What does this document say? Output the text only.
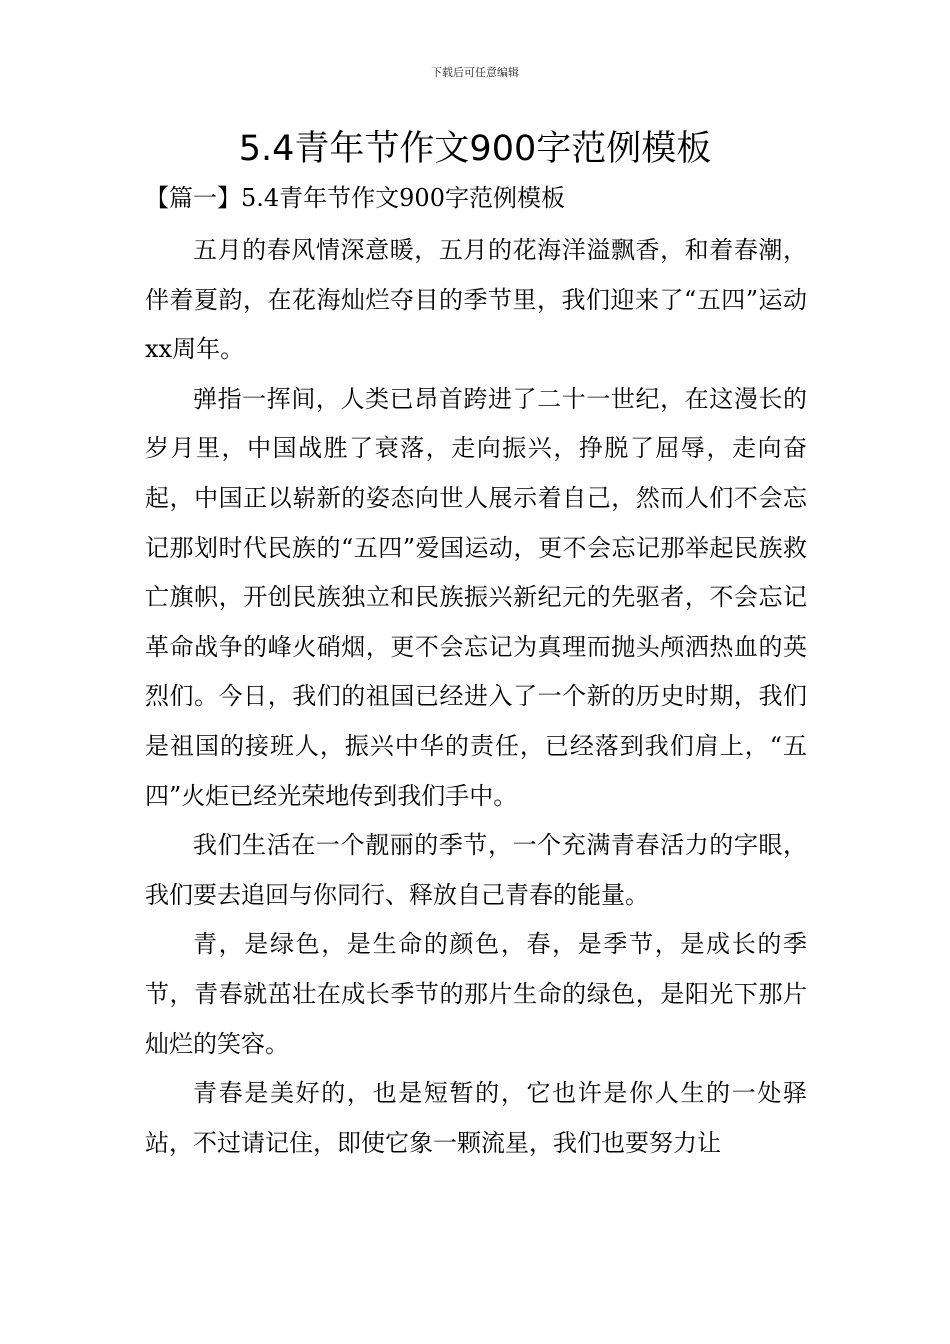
下载后可任意编辑
5.4青年节作文900字范例模板
【篇一】5.4青年节作文900字范例模板

五月的春风情深意暖，五月的花海洋溢飘香，和着春潮，伴着夏韵，在花海灿烂夺目的季节里，我们迎来了“五四”运动xx周年。

弹指一挥间，人类已昂首跨进了二十一世纪，在这漫长的岁月里，中国战胜了衰落，走向振兴，挣脱了屈辱，走向奋起，中国正以崭新的姿态向世人展示着自己，然而人们不会忘记那划时代民族的“五四”爱国运动，更不会忘记那举起民族救亡旗帜，开创民族独立和民族振兴新纪元的先驱者，不会忘记革命战争的峰火硝烟，更不会忘记为真理而抛头颅洒热血的英烈们。今日，我们的祖国已经进入了一个新的历史时期，我们是祖国的接班人，振兴中华的责任，已经落到我们肩上，“五四”火炬已经光荣地传到我们手中。

我们生活在一个靓丽的季节，一个充满青春活力的字眼，我们要去追回与你同行、释放自己青春的能量。

青，是绿色，是生命的颜色，春，是季节，是成长的季节，青春就茁壮在成长季节的那片生命的绿色，是阳光下那片灿烂的笑容。

青春是美好的，也是短暂的，它也许是你人生的一处驿站，不过请记住，即使它象一颗流星，我们也要努力让
